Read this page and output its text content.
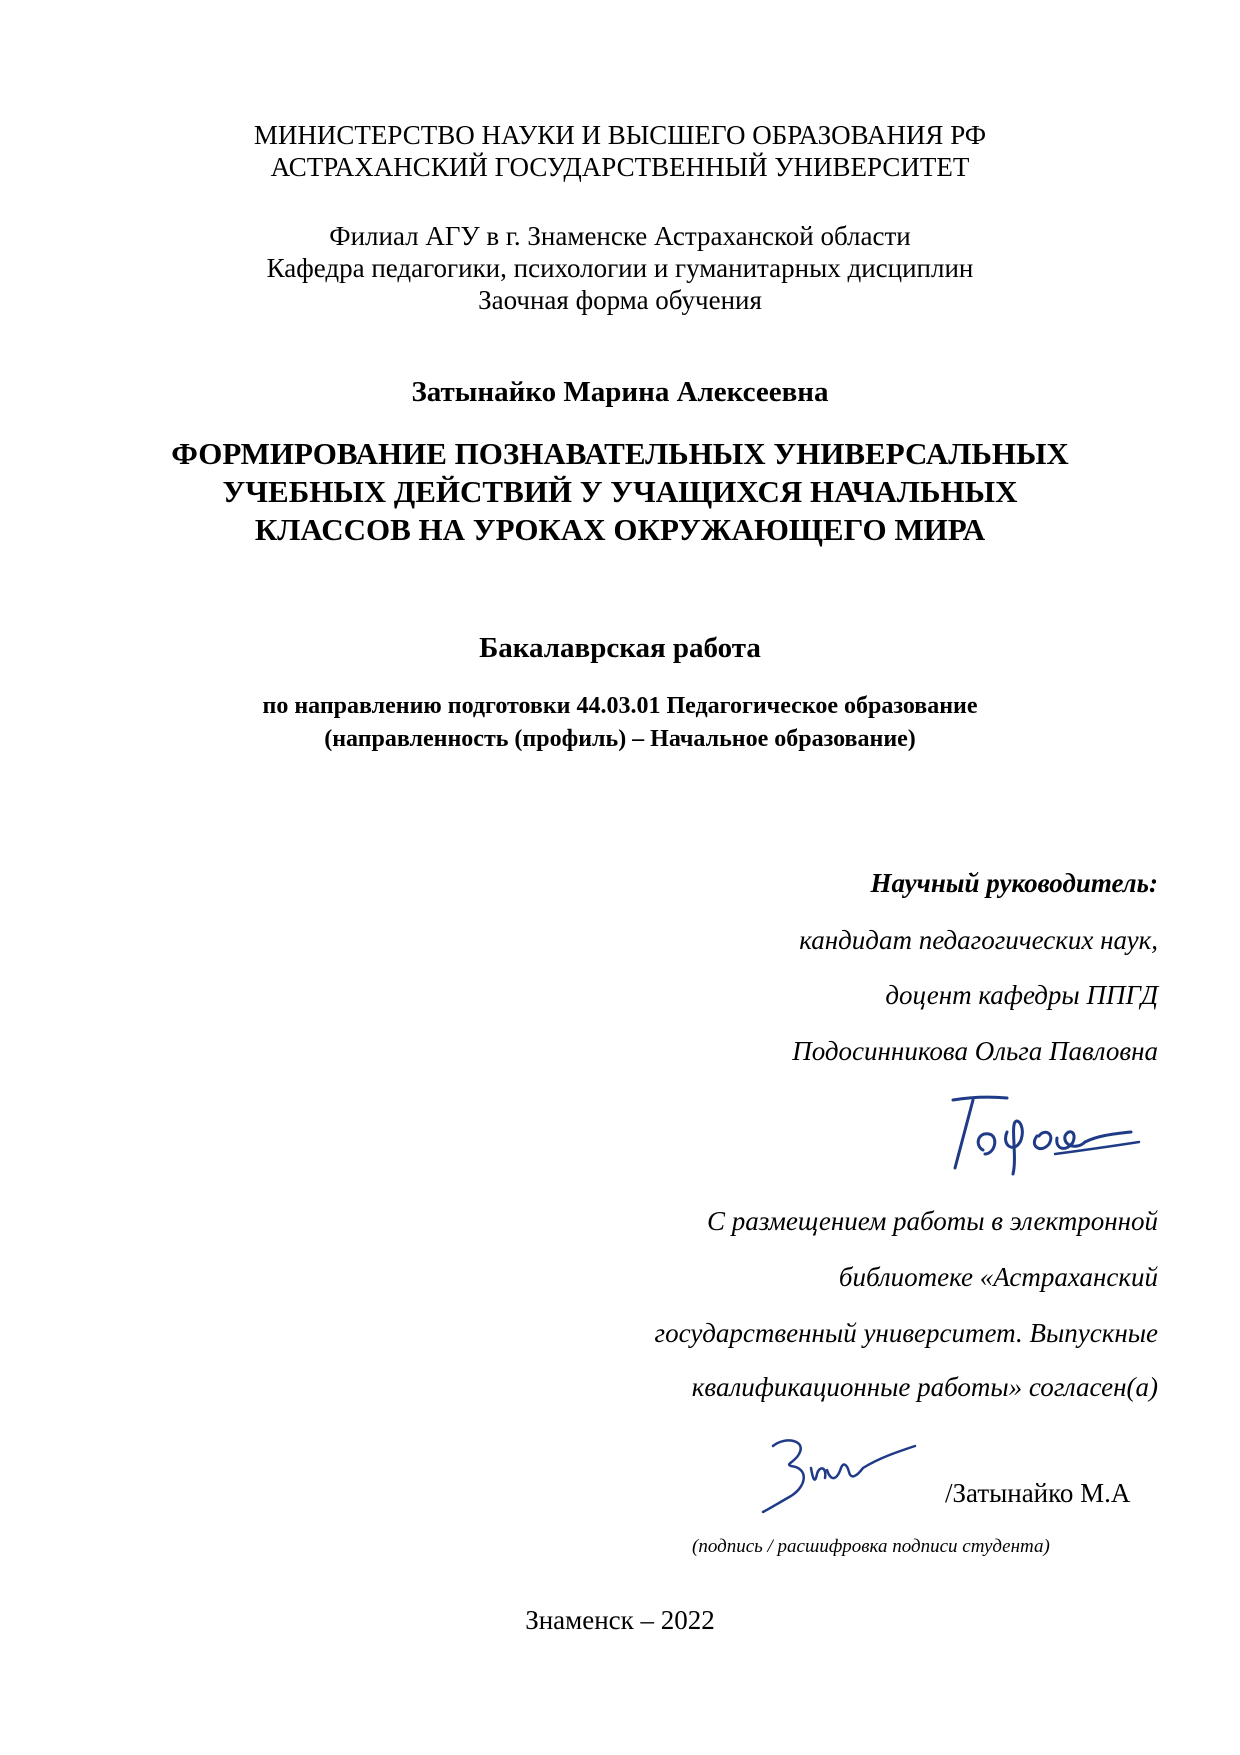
МИНИСТЕРСТВО НАУКИ И ВЫСШЕГО ОБРАЗОВАНИЯ РФ
АСТРАХАНСКИЙ ГОСУДАРСТВЕННЫЙ УНИВЕРСИТЕТ
Филиал АГУ в г. Знаменске Астраханской области
Кафедра педагогики, психологии и гуманитарных дисциплин
Заочная форма обучения
Затынайко Марина Алексеевна
ФОРМИРОВАНИЕ ПОЗНАВАТЕЛЬНЫХ УНИВЕРСАЛЬНЫХ
УЧЕБНЫХ ДЕЙСТВИЙ У УЧАЩИХСЯ НАЧАЛЬНЫХ
КЛАССОВ НА УРОКАХ ОКРУЖАЮЩЕГО МИРА
Бакалаврская работа
по направлению подготовки 44.03.01 Педагогическое образование
(направленность (профиль) – Начальное образование)
Научный руководитель:
кандидат педагогических наук,
доцент кафедры ППГД
Подосинникова Ольга Павловна
С размещением работы в электронной
библиотеке «Астраханский
государственный университет. Выпускные
квалификационные работы» согласен(а)
/Затынайко М.А
(подпись / расшифровка подписи студента)
Знаменск – 2022
